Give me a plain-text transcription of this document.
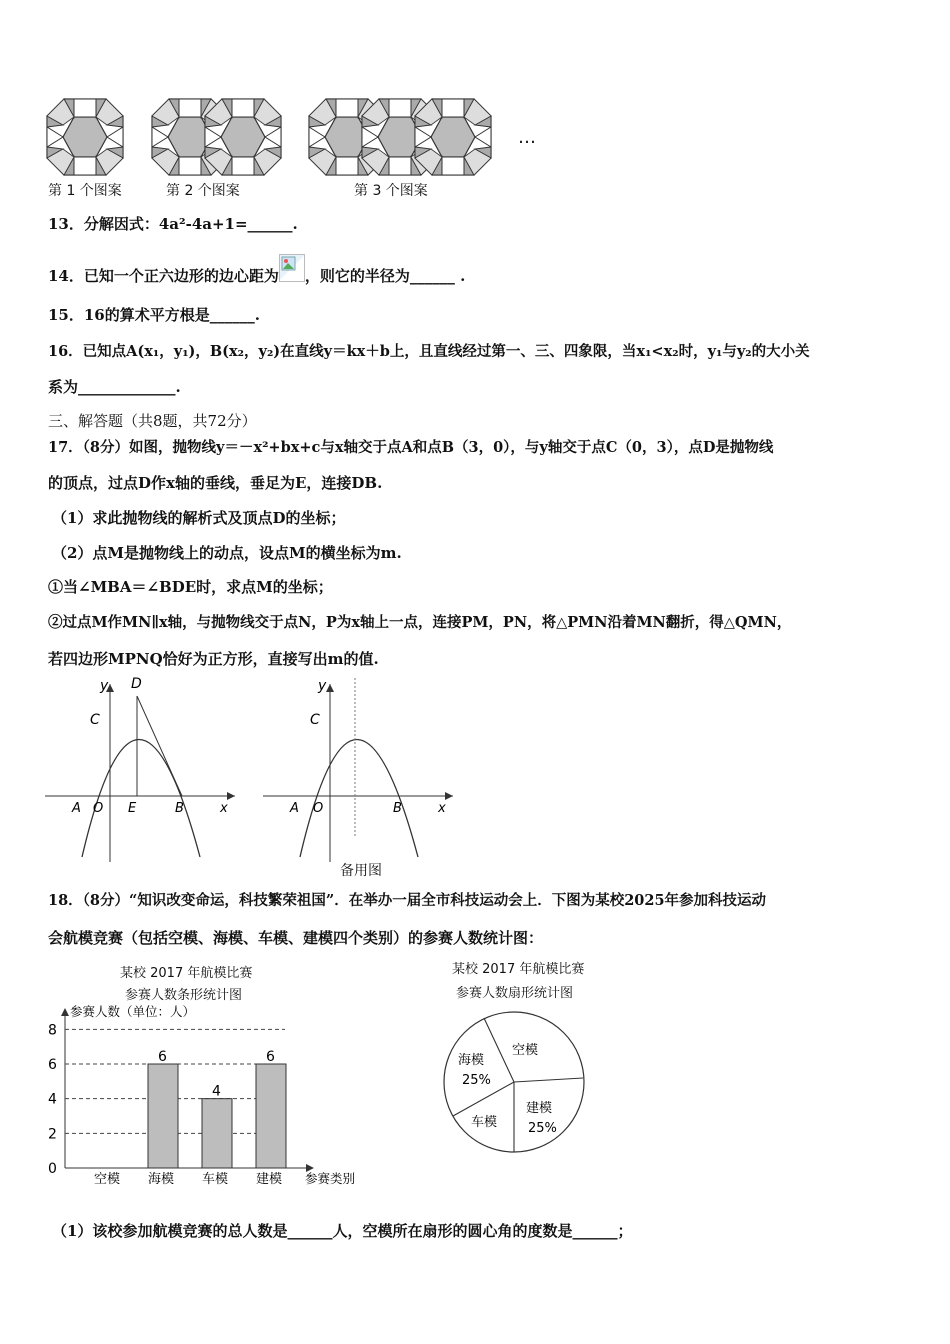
…
第 1 个图案	第 2 个图案	第 3 个图案
13．分解因式：4a²-4a+1=______.
14．已知一个正六边形的边心距为 ，则它的半径为______ .
15．16的算术平方根是______.
16．已知点A(x₁，y₁)，B(x₂，y₂)在直线y＝kx＋b上，且直线经过第一、三、四象限，当x₁<x₂时，y₁与y₂的大小关
系为_____________.
三、解答题（共8题，共72分）
17．（8分）如图，抛物线y＝－x²+bx+c与x轴交于点A和点B（3，0），与y轴交于点C（0，3），点D是抛物线
的顶点，过点D作x轴的垂线，垂足为E，连接DB.
（1）求此抛物线的解析式及顶点D的坐标；
（2）点M是抛物线上的动点，设点M的横坐标为m.
①当∠MBA＝∠BDE时，求点M的坐标；
②过点M作MN∥x轴，与抛物线交于点N，P为x轴上一点，连接PM，PN，将△PMN沿着MN翻折，得△QMN，
若四边形MPNQ恰好为正方形，直接写出m的值.
y D
C
A O E	B	x
y
C
A O	B	x
备用图
18．（8分）“知识改变命运，科技繁荣祖国”．在举办一届全市科技运动会上．下图为某校2025年参加科技运动
会航模竞赛（包括空模、海模、车模、建模四个类别）的参赛人数统计图：
某校 2017 年航模比赛
参赛人数条形统计图
参赛人数（单位：人）
参赛类别
0
2
4
6
8
空模
6
海模
4
车模
6
建模
某校 2017 年航模比赛
参赛人数扇形统计图
空模
建模
25%
车模
海模
25%
（1）该校参加航模竞赛的总人数是______人，空模所在扇形的圆心角的度数是______；
